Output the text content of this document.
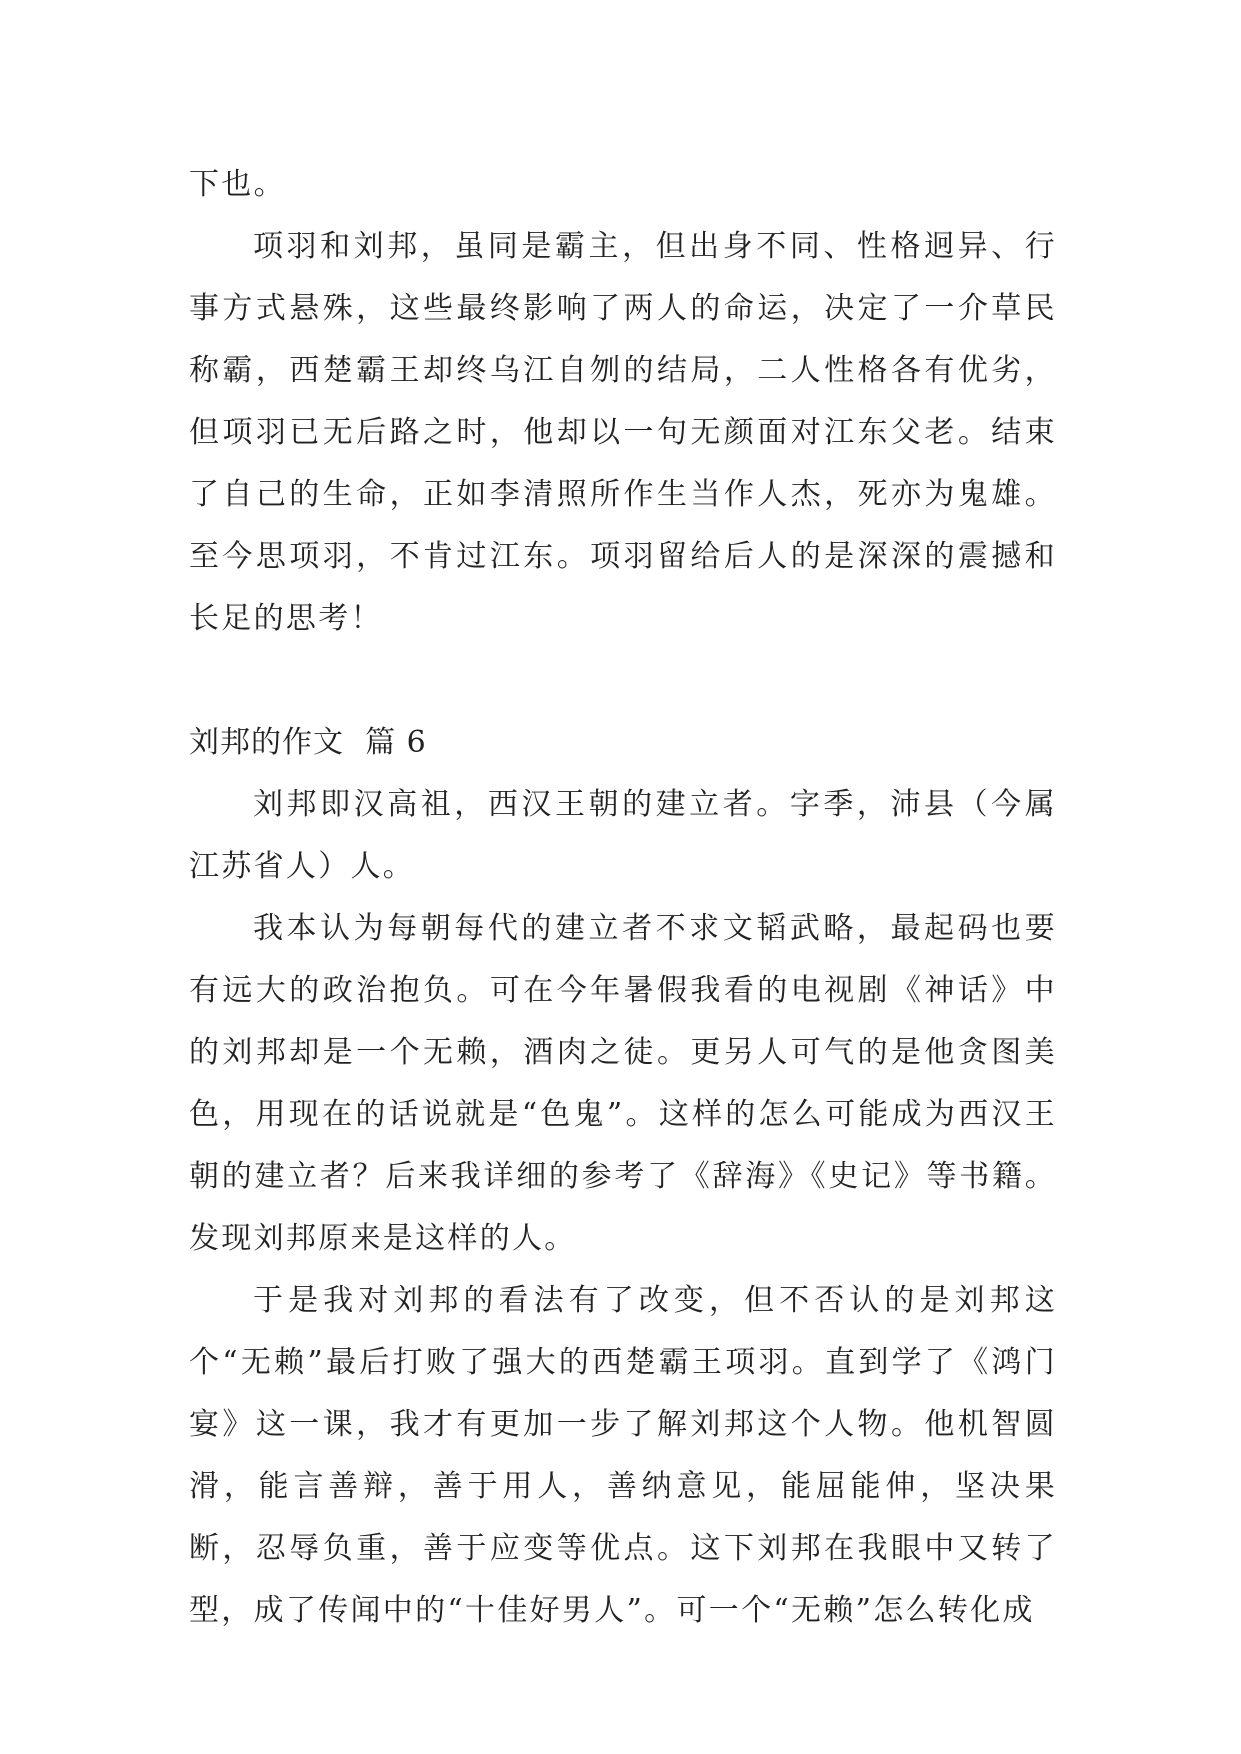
下也。

项羽和刘邦，虽同是霸主，但出身不同、性格迥异、行事方式悬殊，这些最终影响了两人的命运，决定了一介草民称霸，西楚霸王却终乌江自刎的结局，二人性格各有优劣，但项羽已无后路之时，他却以一句无颜面对江东父老。结束了自己的生命，正如李清照所作生当作人杰，死亦为鬼雄。至今思项羽，不肯过江东。项羽留给后人的是深深的震撼和长足的思考！

刘邦的作文  篇 6

刘邦即汉高祖，西汉王朝的建立者。字季，沛县（今属江苏省人）人。

我本认为每朝每代的建立者不求文韬武略，最起码也要有远大的政治抱负。可在今年暑假我看的电视剧《神话》中的刘邦却是一个无赖，酒肉之徒。更另人可气的是他贪图美色，用现在的话说就是“色鬼”。这样的怎么可能成为西汉王朝的建立者？后来我详细的参考了《辞海》《史记》等书籍。发现刘邦原来是这样的人。

于是我对刘邦的看法有了改变，但不否认的是刘邦这个“无赖”最后打败了强大的西楚霸王项羽。直到学了《鸿门宴》这一课，我才有更加一步了解刘邦这个人物。他机智圆滑，能言善辩，善于用人，善纳意见，能屈能伸，坚决果断，忍辱负重，善于应变等优点。这下刘邦在我眼中又转了型，成了传闻中的“十佳好男人”。可一个“无赖”怎么转化成
